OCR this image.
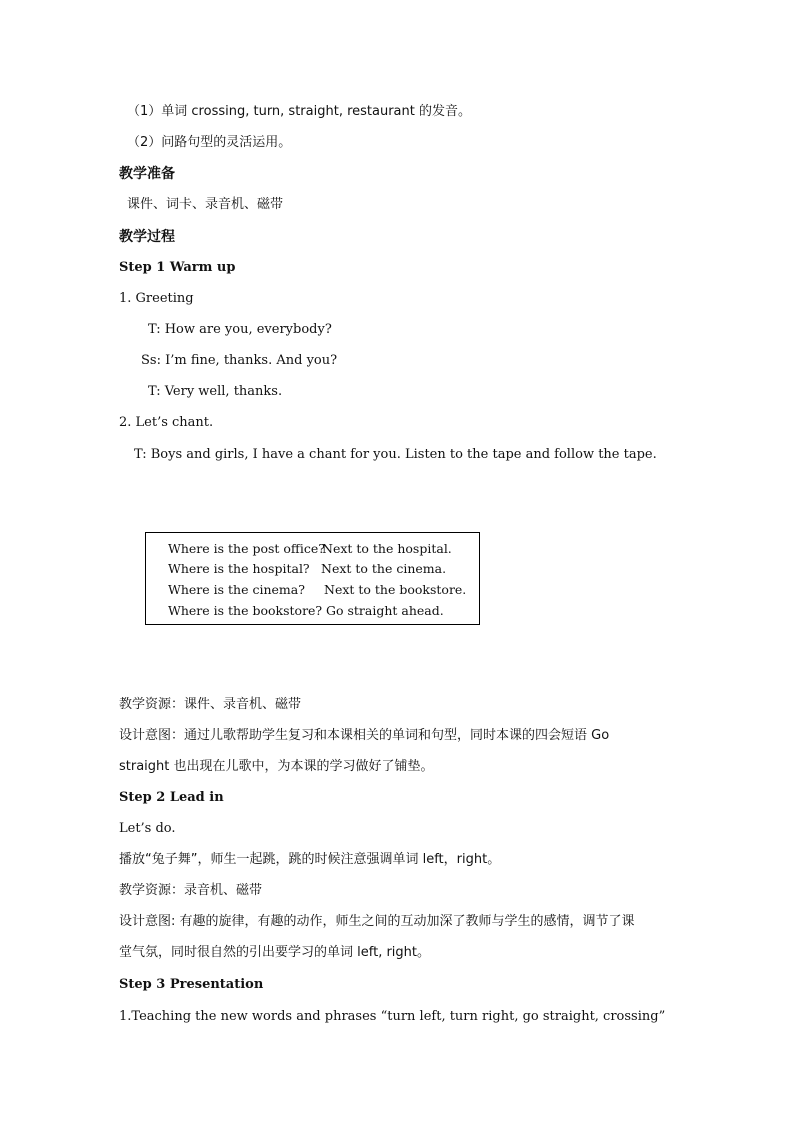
（1）单词 crossing, turn, straight, restaurant 的发音。
（2）问路句型的灵活运用。
教学准备
课件、词卡、录音机、磁带
教学过程
Step 1 Warm up
1. Greeting
T: How are you, everybody?
Ss: I’m fine, thanks. And you?
T: Very well, thanks.
2. Let’s chant.
T: Boys and girls, I have a chant for you. Listen to the tape and follow the tape.
Where is the post office?
Next to the hospital.
Where is the hospital? Next to the cinema.
Where is the cinema? Next to the bookstore.
Where is the bookstore? Go straight ahead.
教学资源：课件、录音机、磁带
设计意图：通过儿歌帮助学生复习和本课相关的单词和句型，同时本课的四会短语 Go
straight 也出现在儿歌中，为本课的学习做好了铺垫。
Step 2 Lead in
Let’s do.
播放“兔子舞”，师生一起跳，跳的时候注意强调单词 left，right。
教学资源：录音机、磁带
设计意图: 有趣的旋律，有趣的动作，师生之间的互动加深了教师与学生的感情，调节了课
堂气氛，同时很自然的引出要学习的单词 left, right。
Step 3 Presentation
1.Teaching the new words and phrases “turn left, turn right, go straight, crossing”
